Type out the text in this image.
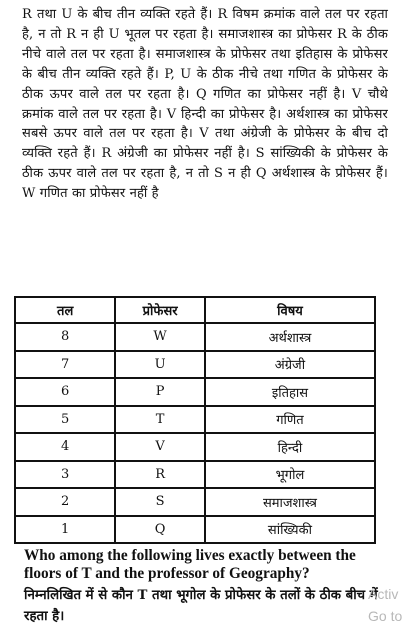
R तथा U के बीच तीन व्यक्ति रहते हैं। R विषम क्रमांक वाले तल पर रहता है, न तो R न ही U भूतल पर रहता है। समाजशास्त्र का प्रोफेसर R के ठीक नीचे वाले तल पर रहता है। समाजशास्त्र के प्रोफेसर तथा इतिहास के प्रोफेसर के बीच तीन व्यक्ति रहते हैं। P, U के ठीक नीचे तथा गणित के प्रोफेसर के ठीक ऊपर वाले तल पर रहता है। Q गणित का प्रोफेसर नहीं है। V चौथे क्रमांक वाले तल पर रहता है। V हिन्दी का प्रोफेसर है। अर्थशास्त्र का प्रोफेसर सबसे ऊपर वाले तल पर रहता है। V तथा अंग्रेजी के प्रोफेसर के बीच दो व्यक्ति रहते हैं। R अंग्रेजी का प्रोफेसर नहीं है। S सांख्यिकी के प्रोफेसर के ठीक ऊपर वाले तल पर रहता है, न तो S न ही Q अर्थशास्त्र के प्रोफेसर हैं। W गणित का प्रोफेसर नहीं है
तल	प्रोफेसर	विषय
8	W	अर्थशास्त्र
7	U	अंग्रेजी
6	P	इतिहास
5	T	गणित
4	V	हिन्दी
3	R	भूगोल
2	S	समाजशास्त्र
1	Q	सांख्यिकी

Who among the following lives exactly between the floors of T and the professor of Geography?

निम्नलिखित में से कौन T तथा भूगोल के प्रोफेसर के तलों के ठीक बीच में रहता है।

Activ
Go to
